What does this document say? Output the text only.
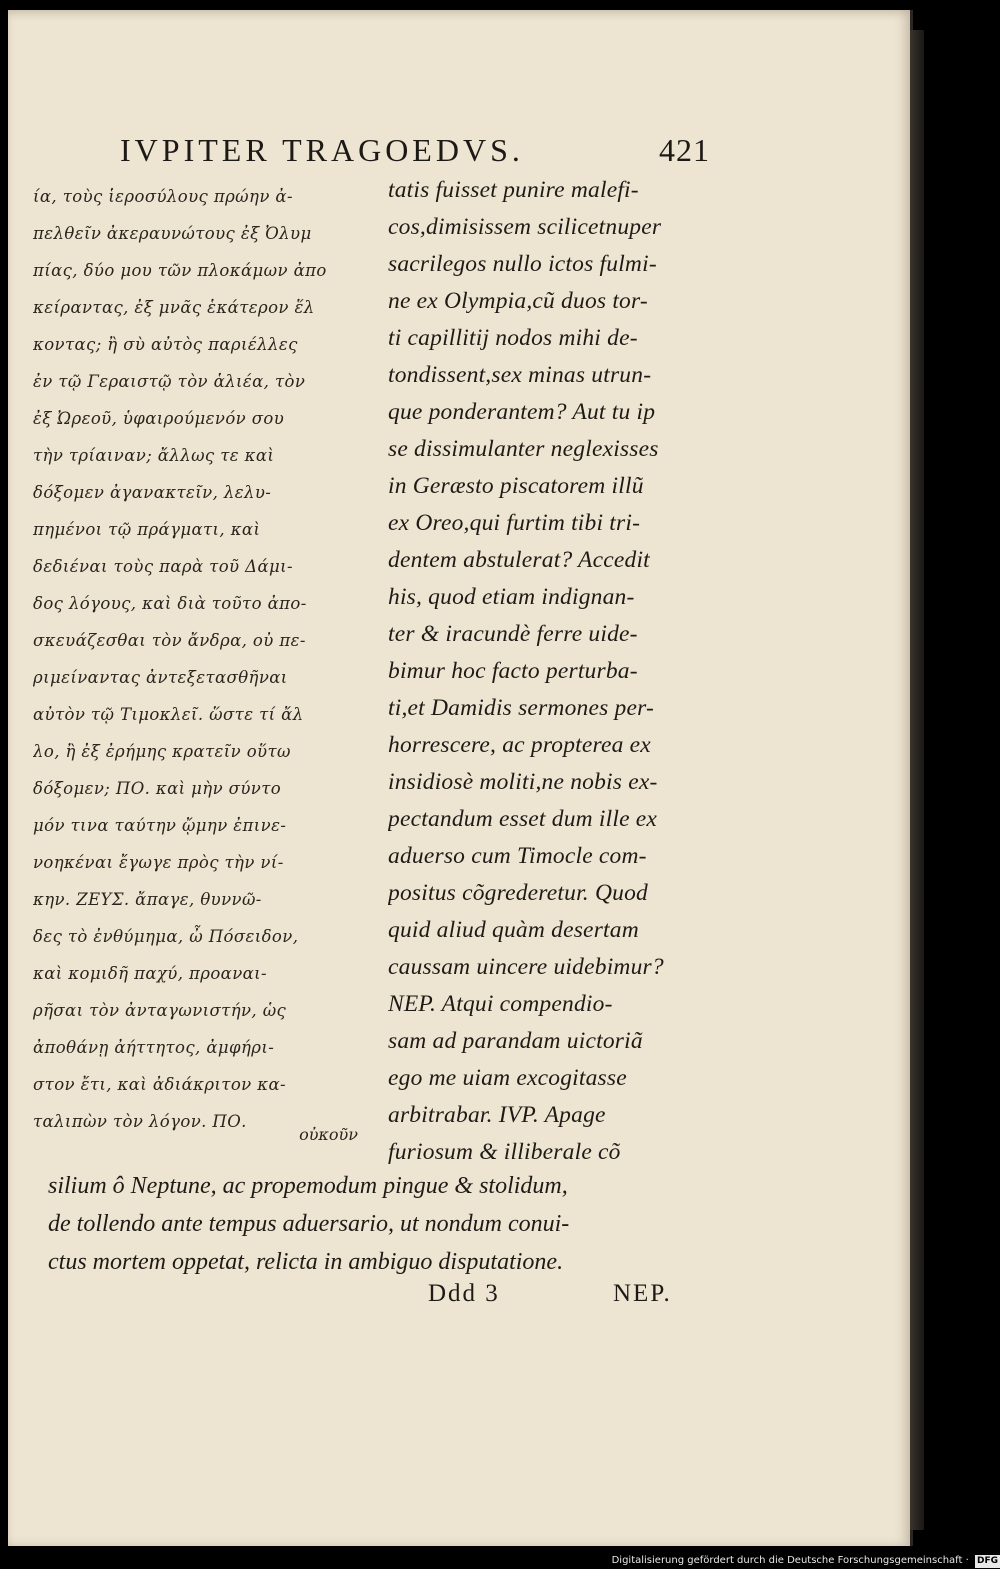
IVPITER TRAGOEDVS.	421
ία, τοὺς ἱεροσύλους πρώην ἀ-
πελθεῖν ἀκεραυνώτους ἐξ Ὀλυμ
πίας, δύο μου τῶν πλοκάμων ἀπο
κείραντας, ἐξ μνᾶς ἑκάτερον ἕλ
κοντας; ἢ σὺ αὐτὸς παριέλλες
ἐν τῷ Γεραιστῷ τὸν ἁλιέα, τὸν
ἐξ Ὠρεοῦ, ὑφαιρούμενόν σου
τὴν τρίαιναν; ἄλλως τε καὶ
δόξομεν ἀγανακτεῖν, λελυ-
πημένοι τῷ πράγματι, καὶ
δεδιέναι τοὺς παρὰ τοῦ Δάμι-
δος λόγους, καὶ διὰ τοῦτο ἀπο-
σκευάζεσθαι τὸν ἄνδρα, οὐ πε-
ριμείναντας ἀντεξετασθῆναι
αὐτὸν τῷ Τιμοκλεῖ. ὥστε τί ἄλ
λο, ἢ ἐξ ἐρήμης κρατεῖν οὕτω
δόξομεν; ΠΟ. καὶ μὴν σύντο
μόν τινα ταύτην ᾤμην ἐπινε-
νοηκέναι ἔγωγε πρὸς τὴν νί-
κην. ΖΕΥΣ. ἄπαγε, θυννῶ-
δες τὸ ἐνθύμημα, ὦ Πόσειδον,
καὶ κομιδῆ παχύ, προαναι-
ρῆσαι τὸν ἀνταγωνιστήν, ὡς
ἀποθάνῃ ἀήττητος, ἀμφήρι-
στον ἔτι, καὶ ἀδιάκριτον κα-
ταλιπὼν τὸν λόγον. ΠΟ.
οὐκοῦν
tatis fuisset punire malefi-
cos,dimisissem scilicetnuper
sacrilegos nullo ictos fulmi-
ne ex Olympia,cũ duos tor-
ti capillitij nodos mihi de-
tondissent,sex minas utrun-
que ponderantem? Aut tu ip
se dissimulanter neglexisses
in Geræsto piscatorem illũ
ex Oreo,qui furtim tibi tri-
dentem abstulerat? Accedit
his, quod etiam indignan-
ter & iracundè ferre uide-
bimur hoc facto perturba-
ti,et Damidis sermones per-
horrescere, ac propterea ex
insidiosè moliti,ne nobis ex-
pectandum esset dum ille ex
aduerso cum Timocle com-
positus cõgrederetur. Quod
quid aliud quàm desertam
caussam uincere uidebimur?
NEP. Atqui compendio-
sam ad parandam uictoriã
ego me uiam excogitasse
arbitrabar. IVP. Apage
furiosum & illiberale cõ
silium ô Neptune, ac propemodum pingue & stolidum,
de tollendo ante tempus aduersario, ut nondum conui-
ctus mortem oppetat, relicta in ambiguo disputatione.
Ddd 3	NEP.
Digitalisierung gefördert durch die Deutsche Forschungsgemeinschaft · DFG
